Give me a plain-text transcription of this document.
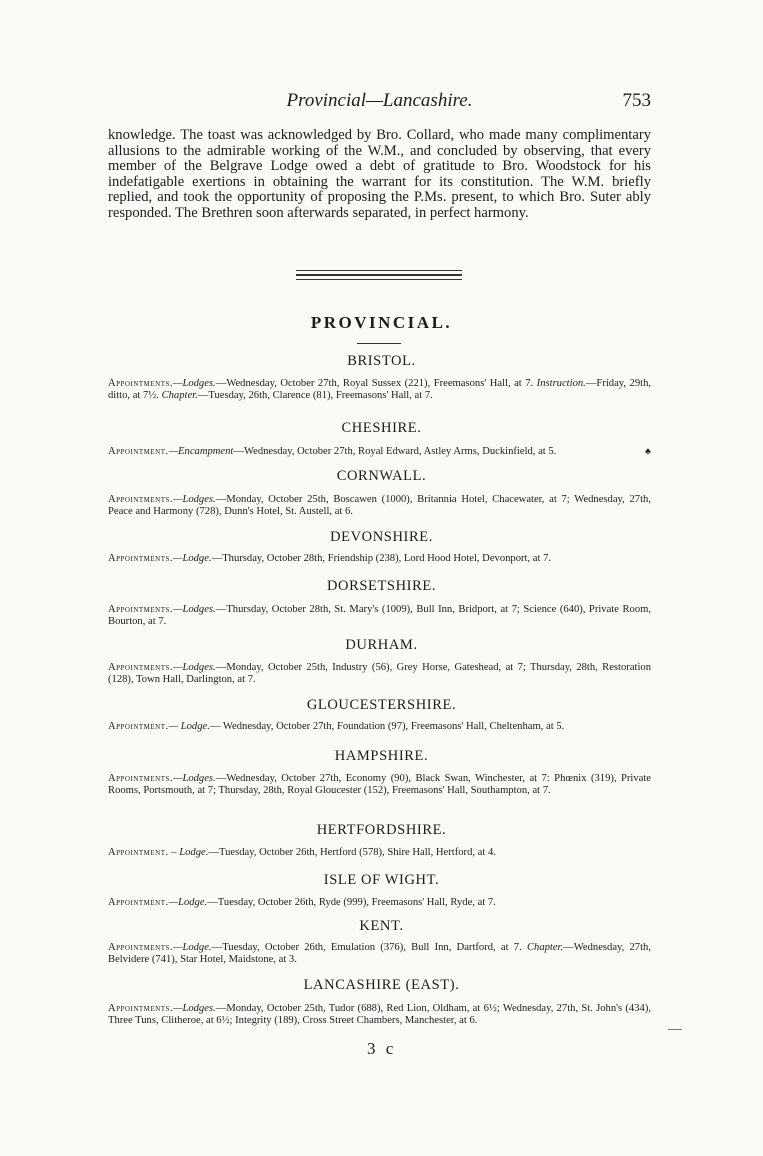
Provincial—Lancashire.	753

knowledge. The toast was acknowledged by Bro. Collard, who made many complimentary allusions to the admirable working of the W.M., and concluded by observing, that every member of the Belgrave Lodge owed a debt of gratitude to Bro. Woodstock for his indefatigable exertions in obtaining the warrant for its constitution. The W.M. briefly replied, and took the opportunity of proposing the P.Ms. present, to which Bro. Suter ably responded. The Brethren soon afterwards separated, in perfect harmony.

PROVINCIAL.
BRISTOL.

Appointments.—Lodges.—Wednesday, October 27th, Royal Sussex (221), Freemasons' Hall, at 7. Instruction.—Friday, 29th, ditto, at 7½. Chapter.—Tuesday, 26th, Clarence (81), Freemasons' Hall, at 7.

CHESHIRE.

Appointment.—Encampment—Wednesday, October 27th, Royal Edward, Astley Arms, Duckinfield, at 5.	♣
CORNWALL.

Appointments.—Lodges.—Monday, October 25th, Boscawen (1000), Britannia Hotel, Chacewater, at 7; Wednesday, 27th, Peace and Harmony (728), Dunn's Hotel, St. Austell, at 6.

DEVONSHIRE.

Appointments.—Lodge.—Thursday, October 28th, Friendship (238), Lord Hood Hotel, Devonport, at 7.

DORSETSHIRE.

Appointments.—Lodges.—Thursday, October 28th, St. Mary's (1009), Bull Inn, Bridport, at 7; Science (640), Private Room, Bourton, at 7.

DURHAM.

Appointments.—Lodges.—Monday, October 25th, Industry (56), Grey Horse, Gateshead, at 7; Thursday, 28th, Restoration (128), Town Hall, Darlington, at 7.

GLOUCESTERSHIRE.

Appointment.— Lodge.— Wednesday, October 27th, Foundation (97), Freemasons' Hall, Cheltenham, at 5.

HAMPSHIRE.

Appointments.—Lodges.—Wednesday, October 27th, Economy (90), Black Swan, Winchester, at 7: Phœnix (319), Private Rooms, Portsmouth, at 7; Thursday, 28th, Royal Gloucester (152), Freemasons' Hall, Southampton, at 7.

HERTFORDSHIRE.

Appointment. – Lodge.—Tuesday, October 26th, Hertford (578), Shire Hall, Hertford, at 4.

ISLE OF WIGHT.

Appointment.—Lodge.—Tuesday, October 26th, Ryde (999), Freemasons' Hall, Ryde, at 7.

KENT.

Appointments.—Lodge.—Tuesday, October 26th, Emulation (376), Bull Inn, Dartford, at 7. Chapter.—Wednesday, 27th, Belvidere (741), Star Hotel, Maidstone, at 3.

LANCASHIRE (EAST).

Appointments.—Lodges.—Monday, October 25th, Tudor (688), Red Lion, Oldham, at 6½; Wednesday, 27th, St. John's (434), Three Tuns, Clitheroe, at 6½; Integrity (189), Cross Street Chambers, Manchester, at 6.

3 c
